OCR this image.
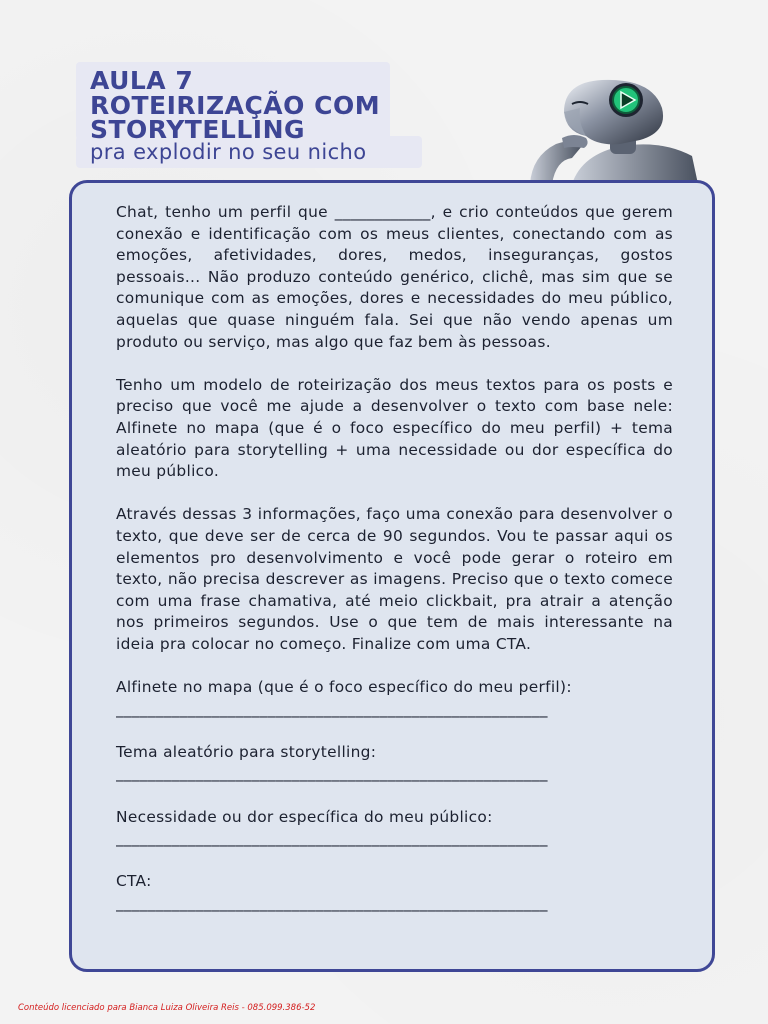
AULA 7
ROTEIRIZAÇÃO COM
STORYTELLING

pra explodir no seu nicho

Chat, tenho um perfil que ____________, e crio conteúdos que gerem conexão e identificação com os meus clientes, conectando com as emoções, afetividades, dores, medos, inseguranças, gostos pessoais... Não produzo conteúdo genérico, clichê, mas sim que se comunique com as emoções, dores e necessidades do meu público, aquelas que quase ninguém fala. Sei que não vendo apenas um produto ou serviço, mas algo que faz bem às pessoas.

Tenho um modelo de roteirização dos meus textos para os posts e preciso que você me ajude a desenvolver o texto com base nele: Alfinete no mapa (que é o foco específico do meu perfil) + tema aleatório para storytelling + uma necessidade ou dor específica do meu público.

Através dessas 3 informações, faço uma conexão para desenvolver o texto, que deve ser de cerca de 90 segundos. Vou te passar aqui os elementos pro desenvolvimento e você pode gerar o roteiro em texto, não precisa descrever as imagens. Preciso que o texto comece com uma frase chamativa, até meio clickbait, pra atrair a atenção nos primeiros segundos. Use o que tem de mais interessante na ideia pra colocar no começo. Finalize com uma CTA.

Alfinete no mapa (que é o foco específico do meu perfil):

______________________________________________________

Tema aleatório para storytelling:

______________________________________________________

Necessidade ou dor específica do meu público:

______________________________________________________

CTA:

______________________________________________________

Conteúdo licenciado para Bianca Luiza Oliveira Reis - 085.099.386-52
